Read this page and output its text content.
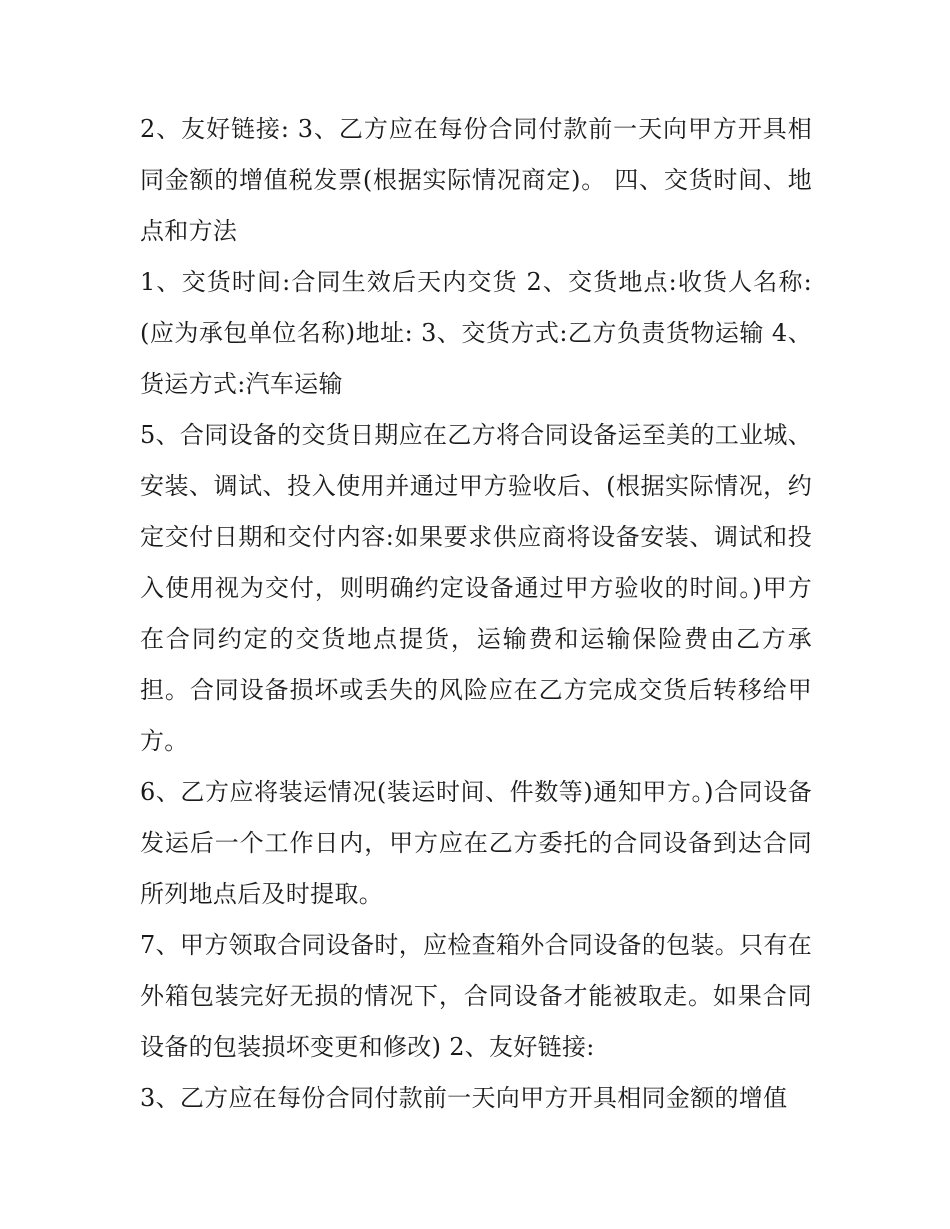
2、友好链接: 3、乙方应在每份合同付款前一天向甲方开具相同金额的增值税发票(根据实际情况商定)。 四、交货时间、地点和方法

1、交货时间:合同生效后天内交货 2、交货地点:收货人名称: (应为承包单位名称)地址: 3、交货方式:乙方负责货物运输 4、货运方式:汽车运输

5、合同设备的交货日期应在乙方将合同设备运至美的工业城、安装、调试、投入使用并通过甲方验收后、(根据实际情况，约定交付日期和交付内容:如果要求供应商将设备安装、调试和投入使用视为交付，则明确约定设备通过甲方验收的时间。)甲方在合同约定的交货地点提货，运输费和运输保险费由乙方承担。合同设备损坏或丢失的风险应在乙方完成交货后转移给甲方。

6、乙方应将装运情况(装运时间、件数等)通知甲方。)合同设备发运后一个工作日内，甲方应在乙方委托的合同设备到达合同所列地点后及时提取。

7、甲方领取合同设备时，应检查箱外合同设备的包装。只有在外箱包装完好无损的情况下，合同设备才能被取走。如果合同设备的包装损坏变更和修改) 2、友好链接:

3、乙方应在每份合同付款前一天向甲方开具相同金额的增值
